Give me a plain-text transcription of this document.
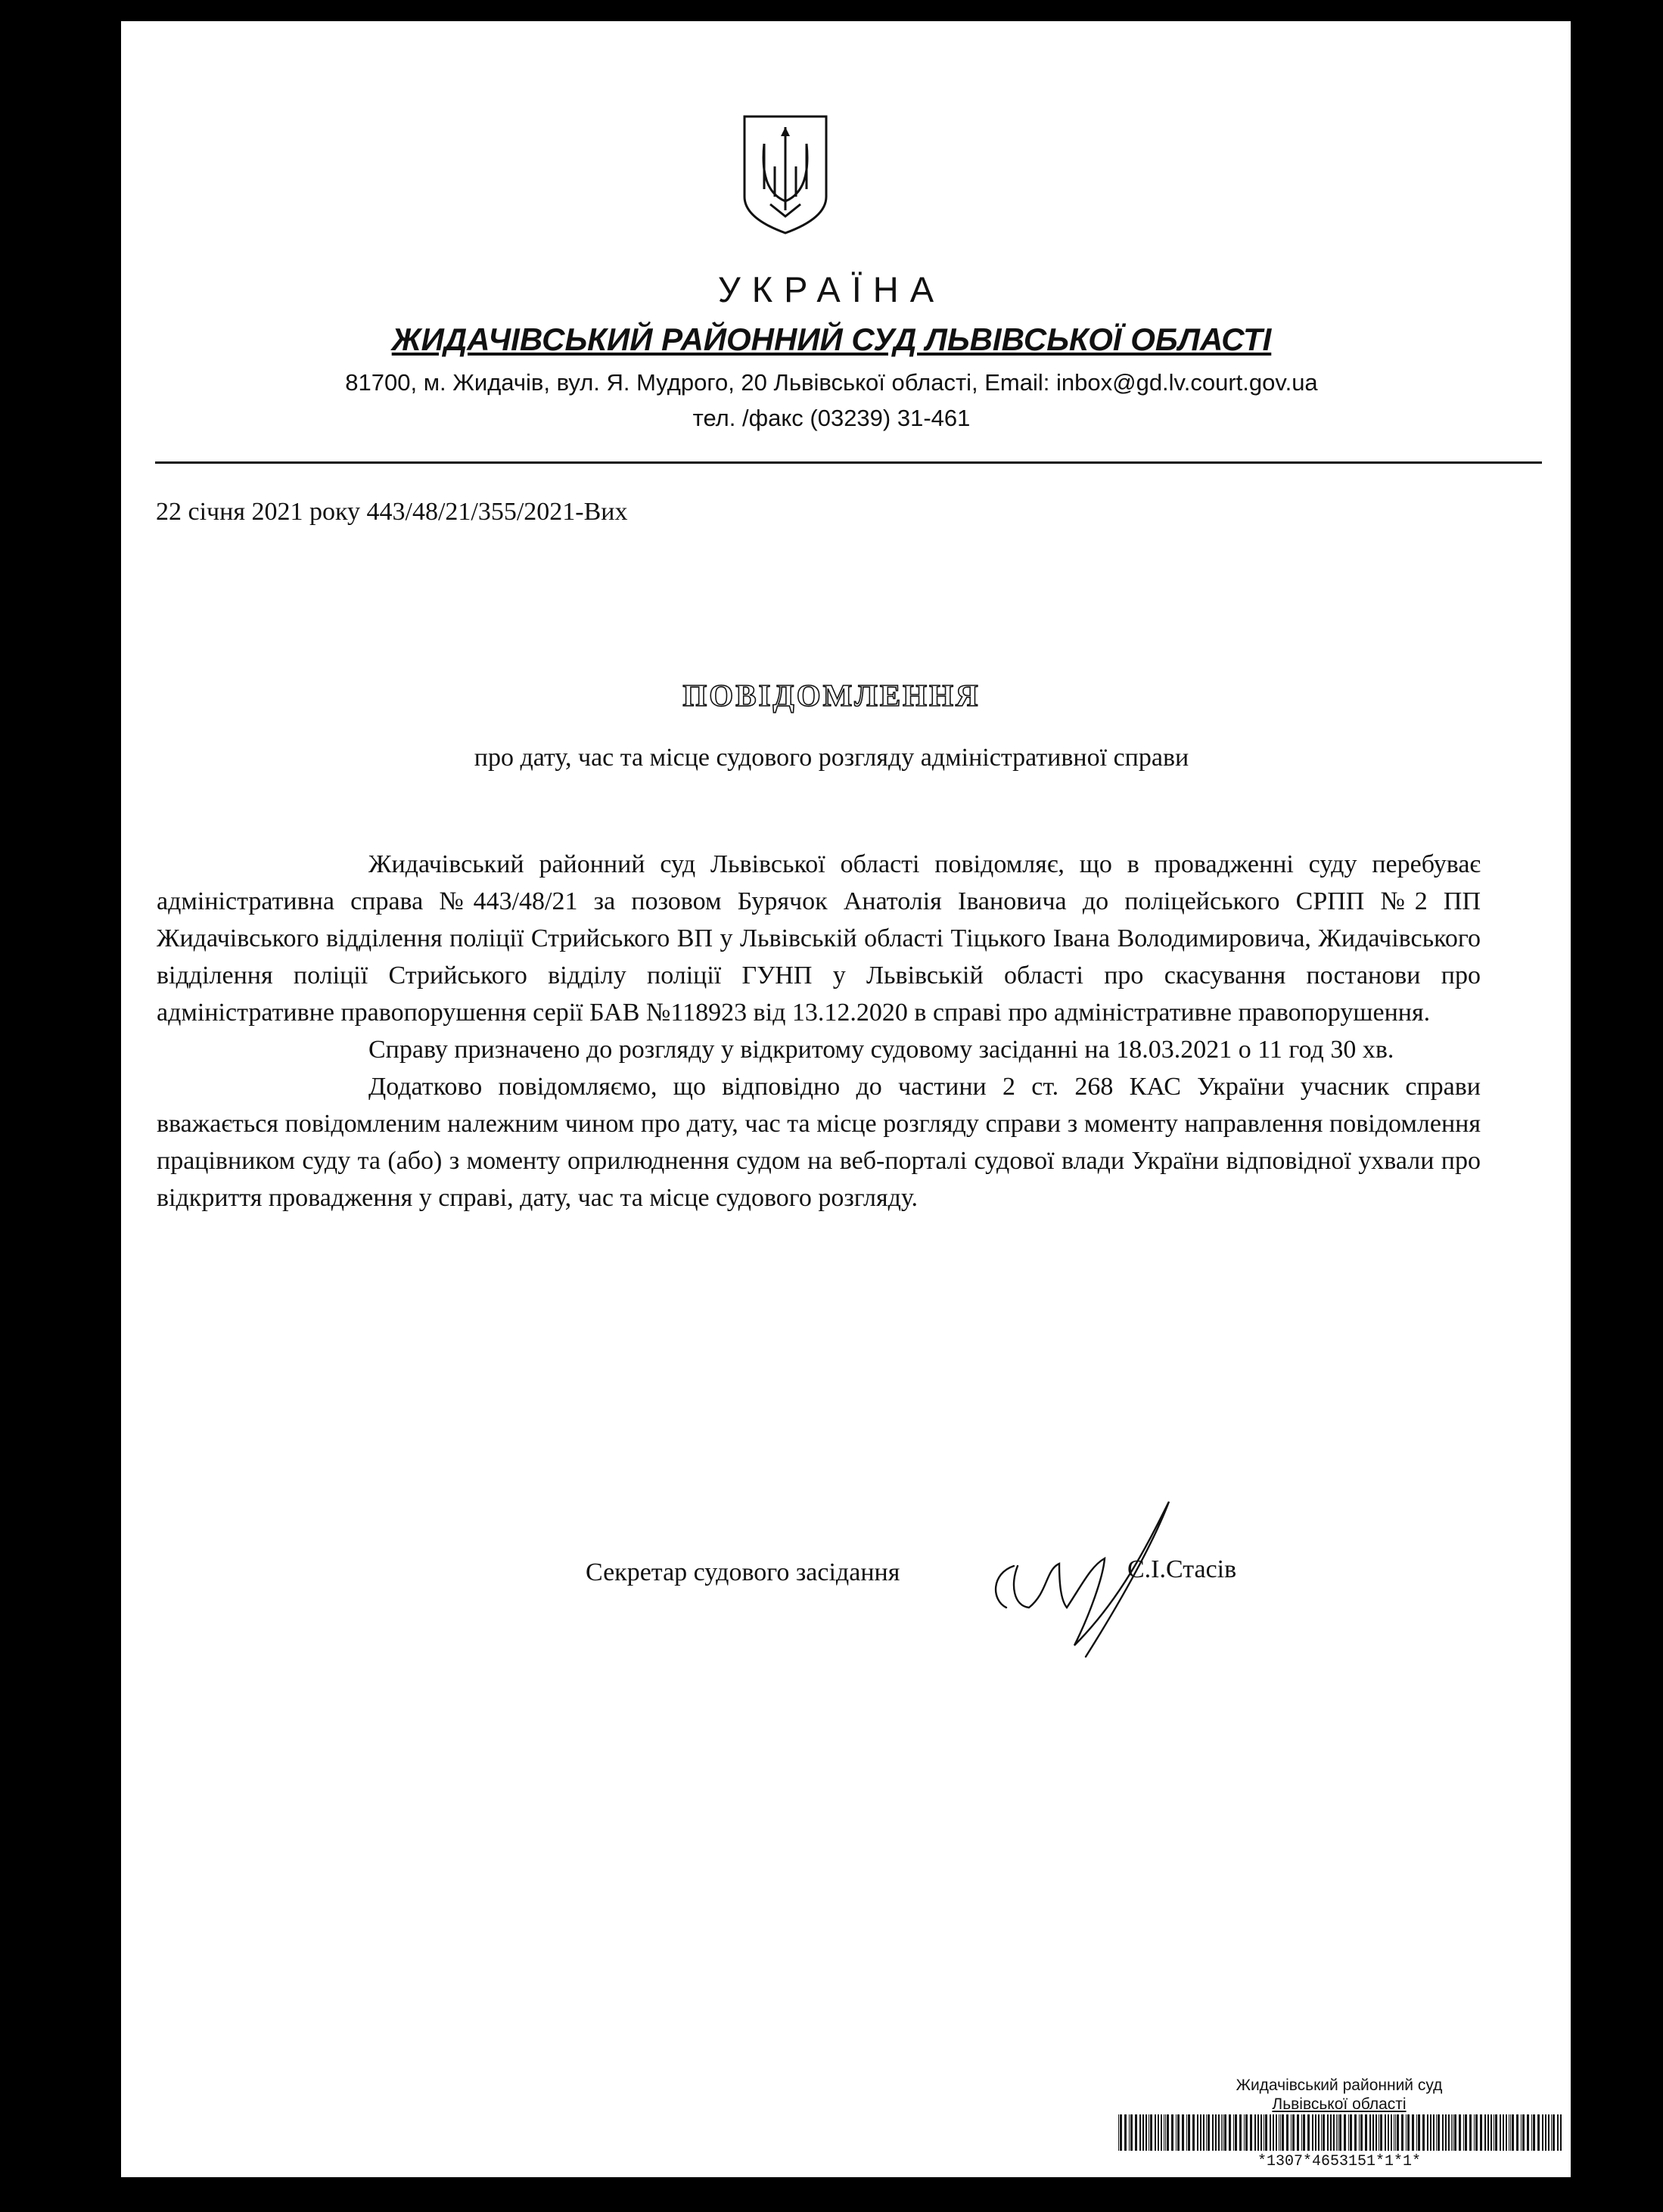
УКРАЇНА
ЖИДАЧІВСЬКИЙ РАЙОННИЙ СУД ЛЬВІВСЬКОЇ ОБЛАСТІ
81700, м. Жидачів, вул. Я. Мудрого, 20 Львівської області, Email: inbox@gd.lv.court.gov.ua
тел. /факс (03239) 31-461
22 січня 2021 року 443/48/21/355/2021-Вих
ПОВІДОМЛЕННЯ
про дату, час та місце судового розгляду адміністративної справи

Жидачівський районний суд Львівської області повідомляє, що в провадженні суду перебуває адміністративна справа №443/48/21 за позовом Бурячок Анатолія Івановича до поліцейського СРПП №2 ПП Жидачівського відділення поліції Стрийського ВП у Львівській області Тіцького Івана Володимировича, Жидачівського відділення поліції Стрийського відділу поліції ГУНП у Львівській області про скасування постанови про адміністративне правопорушення серії БАВ №118923 від 13.12.2020 в справі про адміністративне правопорушення.

Справу призначено до розгляду у відкритому судовому засіданні на 18.03.2021 о 11 год 30 хв.

Додатково повідомляємо, що відповідно до частини 2 ст. 268 КАС України учасник справи вважається повідомленим належним чином про дату, час та місце розгляду справи з моменту направлення повідомлення працівником суду та (або) з моменту оприлюднення судом на веб-порталі судової влади України відповідної ухвали про відкриття провадження у справі, дату, час та місце судового розгляду.

Секретар судового засідання	С.І.Стасів
Жидачівський районний суд
Львівської області
*1307*4653151*1*1*
